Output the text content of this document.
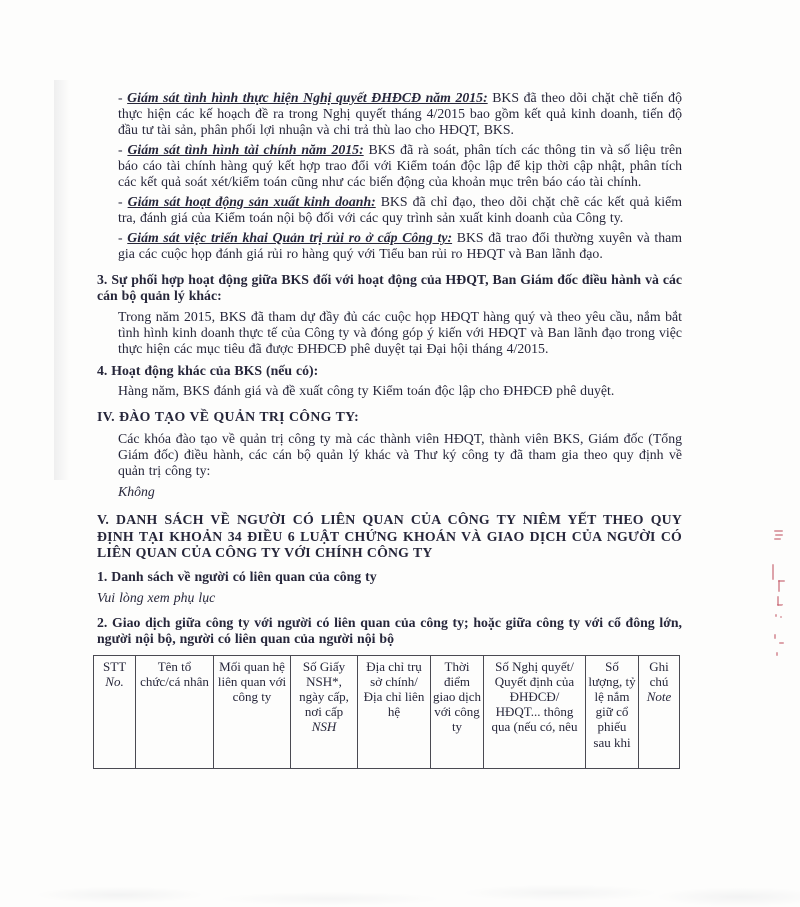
- Giám sát tình hình thực hiện Nghị quyết ĐHĐCĐ năm 2015: BKS đã theo dõi chặt chẽ tiến độ thực hiện các kế hoạch đề ra trong Nghị quyết tháng 4/2015 bao gồm kết quả kinh doanh, tiến độ đầu tư tài sản, phân phối lợi nhuận và chi trả thù lao cho HĐQT, BKS.

- Giám sát tình hình tài chính năm 2015: BKS đã rà soát, phân tích các thông tin và số liệu trên báo cáo tài chính hàng quý kết hợp trao đổi với Kiểm toán độc lập để kịp thời cập nhật, phân tích các kết quả soát xét/kiểm toán cũng như các biến động của khoản mục trên báo cáo tài chính.

- Giám sát hoạt động sản xuất kinh doanh: BKS đã chỉ đạo, theo dõi chặt chẽ các kết quả kiểm tra, đánh giá của Kiểm toán nội bộ đối với các quy trình sản xuất kinh doanh của Công ty.

- Giám sát việc triển khai Quản trị rủi ro ở cấp Công ty: BKS đã trao đổi thường xuyên và tham gia các cuộc họp đánh giá rủi ro hàng quý với Tiểu ban rủi ro HĐQT và Ban lãnh đạo.

3. Sự phối hợp hoạt động giữa BKS đối với hoạt động của HĐQT, Ban Giám đốc điều hành và các cán bộ quản lý khác:

Trong năm 2015, BKS đã tham dự đầy đủ các cuộc họp HĐQT hàng quý và theo yêu cầu, nắm bắt tình hình kinh doanh thực tế của Công ty và đóng góp ý kiến với HĐQT và Ban lãnh đạo trong việc thực hiện các mục tiêu đã được ĐHĐCĐ phê duyệt tại Đại hội tháng 4/2015.

4. Hoạt động khác của BKS (nếu có):

Hàng năm, BKS đánh giá và đề xuất công ty Kiểm toán độc lập cho ĐHĐCĐ phê duyệt.

IV. ĐÀO TẠO VỀ QUẢN TRỊ CÔNG TY:

Các khóa đào tạo về quản trị công ty mà các thành viên HĐQT, thành viên BKS, Giám đốc (Tổng Giám đốc) điều hành, các cán bộ quản lý khác và Thư ký công ty đã tham gia theo quy định về quản trị công ty:

Không

V. DANH SÁCH VỀ NGƯỜI CÓ LIÊN QUAN CỦA CÔNG TY NIÊM YẾT THEO QUY ĐỊNH TẠI KHOẢN 34 ĐIỀU 6 LUẬT CHỨNG KHOÁN VÀ GIAO DỊCH CỦA NGƯỜI CÓ LIÊN QUAN CỦA CÔNG TY VỚI CHÍNH CÔNG TY

1. Danh sách về người có liên quan của công ty

Vui lòng xem phụ lục

2. Giao dịch giữa công ty với người có liên quan của công ty; hoặc giữa công ty với cổ đông lớn, người nội bộ, người có liên quan của người nội bộ

STT No.	Tên tổ chức/cá nhân	Mối quan hệ liên quan với công ty	Số Giấy NSH*, ngày cấp, nơi cấp NSH	Địa chỉ trụ sở chính/ Địa chỉ liên hệ	Thời điểm giao dịch với công ty	Số Nghị quyết/ Quyết định của ĐHĐCĐ/ HĐQT... thông qua (nếu có, nêu	Số lượng, tỷ lệ nắm giữ cổ phiếu sau khi	Ghi chú Note
